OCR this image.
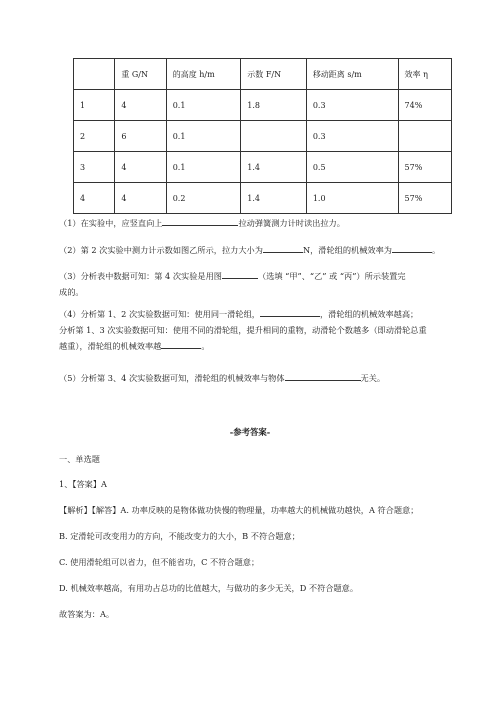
	重 G/N	的高度 h/m	示数 F/N	移动距离 s/m	效率 η
1	4	0.1	1.8	0.3	74%
2	6	0.1		0.3	
3	4	0.1	1.4	0.5	57%
4	4	0.2	1.4	1.0	57%
（1）在实验中，应竖直向上	拉动弹簧测力计时读出拉力。
（2）第 2 次实验中测力计示数如图乙所示，拉力大小为	N，滑轮组的机械效率为	。
（3）分析表中数据可知：第 4 次实验是用图	（选填 “甲”、“乙” 或 “丙”）所示装置完
成的。
（4）分析第 1、2 次实验数据可知：使用同一滑轮组，	，滑轮组的机械效率越高；
分析第 1、3 次实验数据可知：使用不同的滑轮组，提升相同的重物，动滑轮个数越多（即动滑轮总重
越重），滑轮组的机械效率越	。
（5）分析第 3、4 次实验数据可知，滑轮组的机械效率与物体	无关。
-参考答案-
一、单选题
1、【答案】A
【解析】【解答】A. 功率反映的是物体做功快慢的物理量，功率越大的机械做功越快，A 符合题意；
B. 定滑轮可改变用力的方向，不能改变力的大小，B 不符合题意；
C. 使用滑轮组可以省力，但不能省功，C 不符合题意；
D. 机械效率越高，有用功占总功的比值越大，与做功的多少无关，D 不符合题意。
故答案为：A。
